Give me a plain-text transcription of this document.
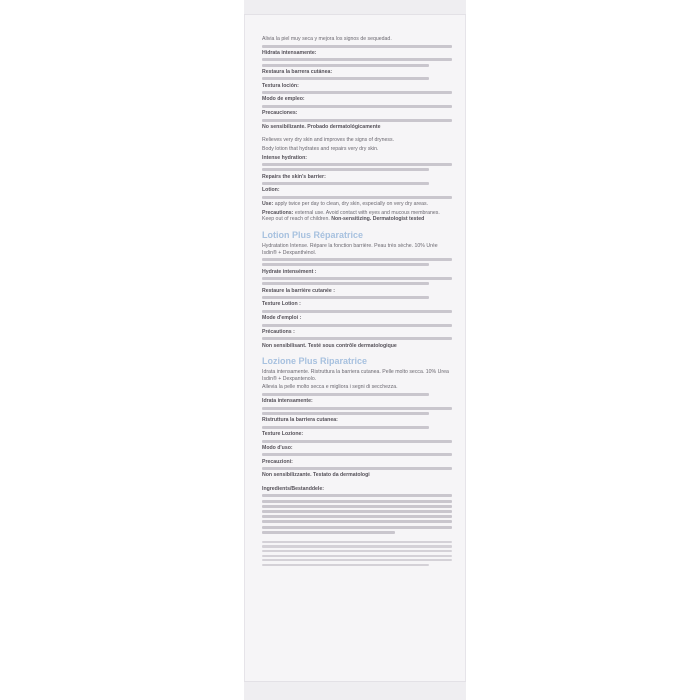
Alivia la piel muy seca y mejora los signos de sequedad.

Hidrata intensamente:

Restaura la barrera cutánea:

Textura loción:

Modo de empleo:

Precauciones:

No sensibilizante. Probado dermatológicamente

Relieves very dry skin and improves the signs of dryness.

Body lotion that hydrates and repairs very dry skin.

Intense hydration:

Repairs the skin's barrier:

Lotion:

Use: apply twice per day to clean, dry skin, especially on very dry areas.

Precautions: external use. Avoid contact with eyes and mucous membranes. Keep out of reach of children. Non-sensitizing. Dermatologist tested

Lotion Plus Réparatrice

Hydratation Intense. Répare la fonction barrière. Peau très sèche. 10% Urée Isdin® + Dexpanthénol.

Hydrate intensément :

Restaure la barrière cutanée :

Texture Lotion :

Mode d'emploi :

Précautions :

Non sensibilisant. Testé sous contrôle dermatologique

Lozione Plus Riparatrice

Idrata intensamente. Ristruttura la barriera cutanea. Pelle molto secca. 10% Urea Isdin® + Dexpantenolo.

Allevia la pelle molto secca e migliora i segni di secchezza.

Idrata intensamente:

Ristruttura la barriera cutanea:

Texture Lozione:

Modo d'uso:

Precauzioni:

Non sensibilizzante. Testato da dermatologi

Ingredients/Bestanddele:
